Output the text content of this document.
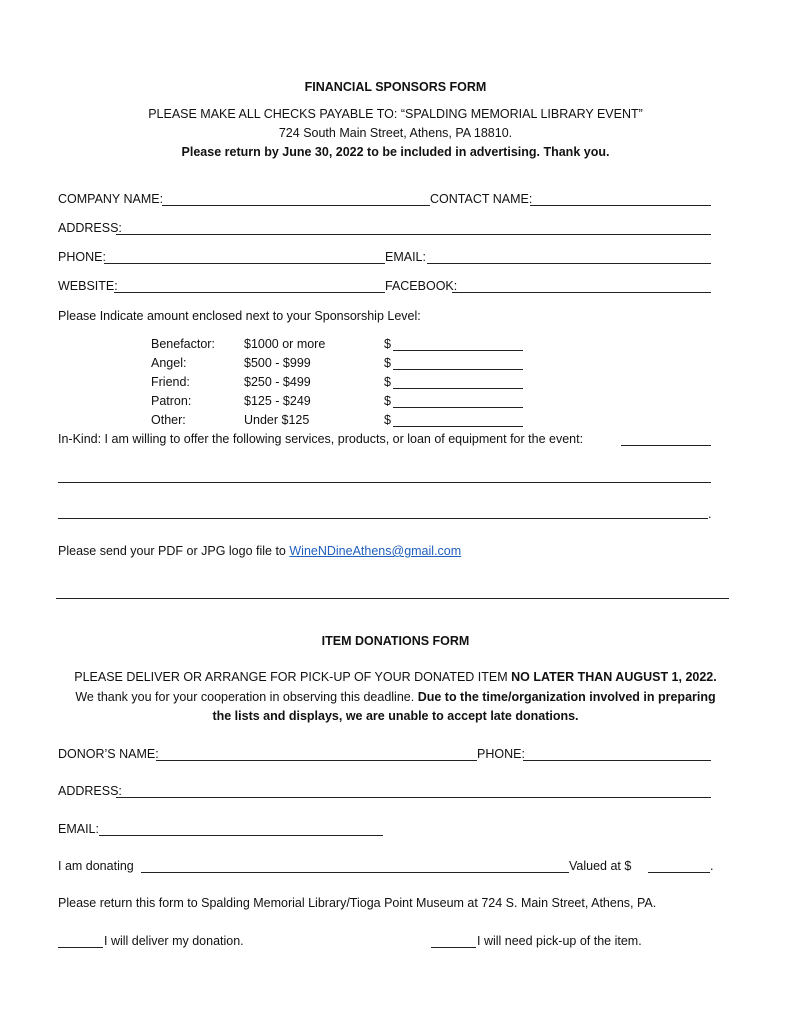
FINANCIAL SPONSORS FORM
PLEASE MAKE ALL CHECKS PAYABLE TO: “SPALDING MEMORIAL LIBRARY EVENT”
724 South Main Street, Athens, PA 18810.
Please return by June 30, 2022 to be included in advertising. Thank you.
COMPANY NAME:	CONTACT NAME:
ADDRESS:
PHONE:	EMAIL:
WEBSITE:	FACEBOOK:
Please Indicate amount enclosed next to your Sponsorship Level:
Benefactor: $1000 or more	$
Angel:	$500 - $999	$
Friend:	$250 - $499	$
Patron:	$125 - $249	$
Other:	Under $125	$
In-Kind: I am willing to offer the following services, products, or loan of equipment for the event:
.
Please send your PDF or JPG logo file to WineNDineAthens@gmail.com
ITEM DONATIONS FORM
PLEASE DELIVER OR ARRANGE FOR PICK-UP OF YOUR DONATED ITEM NO LATER THAN AUGUST 1, 2022.
We thank you for your cooperation in observing this deadline. Due to the time/organization involved in preparing
the lists and displays, we are unable to accept late donations.
DONOR’S NAME:	PHONE:
ADDRESS:
EMAIL:
I am donating	Valued at $	.
Please return this form to Spalding Memorial Library/Tioga Point Museum at 724 S. Main Street, Athens, PA.
I will deliver my donation.	I will need pick-up of the item.
